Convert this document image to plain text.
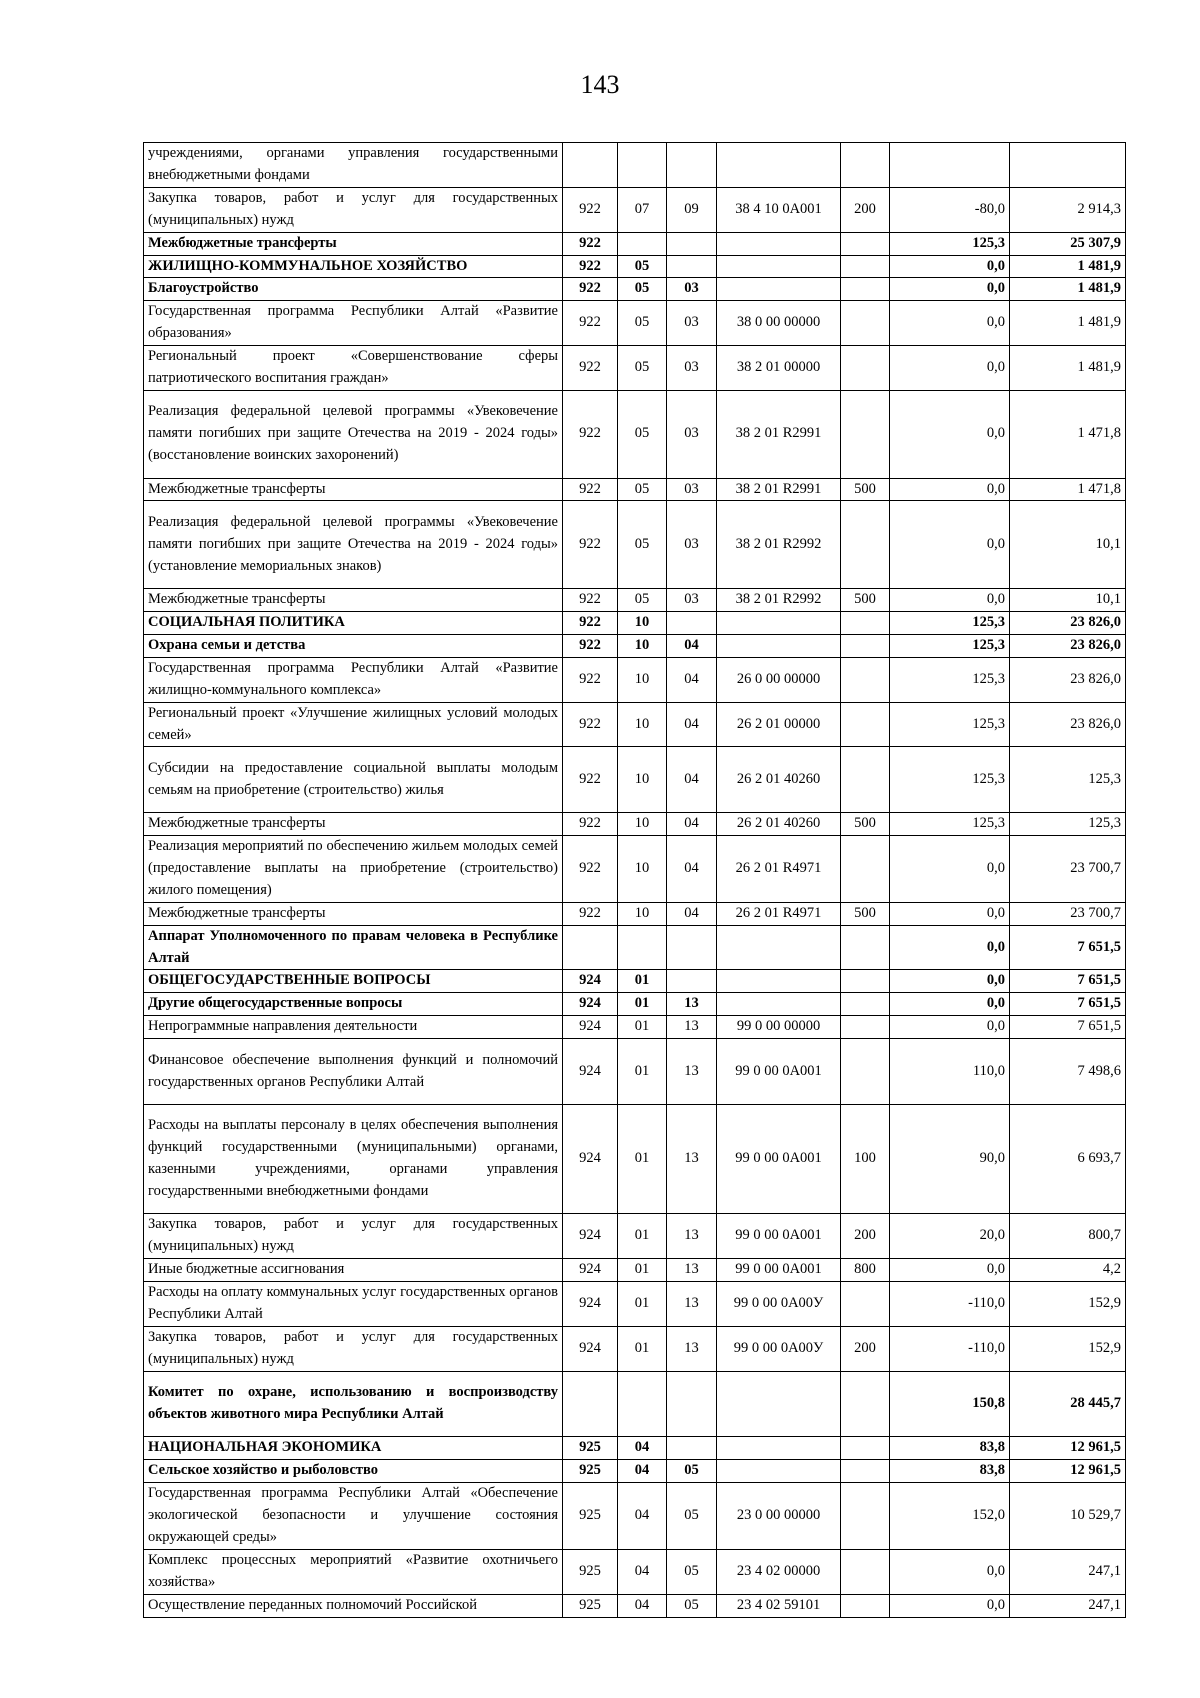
143
учреждениями, органами управления государственными внебюджетными фондами							
Закупка товаров, работ и услуг для государственных (муниципальных) нужд	922	07	09	38 4 10 0А001	200	-80,0	2 914,3
Межбюджетные трансферты	922					125,3	25 307,9
ЖИЛИЩНО-КОММУНАЛЬНОЕ ХОЗЯЙСТВО	922	05				0,0	1 481,9
Благоустройство	922	05	03			0,0	1 481,9
Государственная программа Республики Алтай «Развитие образования»	922	05	03	38 0 00 00000		0,0	1 481,9
Региональный проект «Совершенствование сферы патриотического воспитания граждан»	922	05	03	38 2 01 00000		0,0	1 481,9
Реализация федеральной целевой программы «Увековечение памяти погибших при защите Отечества на 2019 - 2024 годы» (восстановление воинских захоронений)	922	05	03	38 2 01 R2991		0,0	1 471,8
Межбюджетные трансферты	922	05	03	38 2 01 R2991	500	0,0	1 471,8
Реализация федеральной целевой программы «Увековечение памяти погибших при защите Отечества на 2019 - 2024 годы» (установление мемориальных знаков)	922	05	03	38 2 01 R2992		0,0	10,1
Межбюджетные трансферты	922	05	03	38 2 01 R2992	500	0,0	10,1
СОЦИАЛЬНАЯ ПОЛИТИКА	922	10				125,3	23 826,0
Охрана семьи и детства	922	10	04			125,3	23 826,0
Государственная программа Республики Алтай «Развитие жилищно-коммунального комплекса»	922	10	04	26 0 00 00000		125,3	23 826,0
Региональный проект «Улучшение жилищных условий молодых семей»	922	10	04	26 2 01 00000		125,3	23 826,0
Субсидии на предоставление социальной выплаты молодым семьям на приобретение (строительство) жилья	922	10	04	26 2 01 40260		125,3	125,3
Межбюджетные трансферты	922	10	04	26 2 01 40260	500	125,3	125,3
Реализация мероприятий по обеспечению жильем молодых семей (предоставление выплаты на приобретение (строительство) жилого помещения)	922	10	04	26 2 01 R4971		0,0	23 700,7
Межбюджетные трансферты	922	10	04	26 2 01 R4971	500	0,0	23 700,7
Аппарат Уполномоченного по правам человека в Республике Алтай						0,0	7 651,5
ОБЩЕГОСУДАРСТВЕННЫЕ ВОПРОСЫ	924	01				0,0	7 651,5
Другие общегосударственные вопросы	924	01	13			0,0	7 651,5
Непрограммные направления деятельности	924	01	13	99 0 00 00000		0,0	7 651,5
Финансовое обеспечение выполнения функций и полномочий государственных органов Республики Алтай	924	01	13	99 0 00 0А001		110,0	7 498,6
Расходы на выплаты персоналу в целях обеспечения выполнения функций государственными (муниципальными) органами, казенными учреждениями, органами управления государственными внебюджетными фондами	924	01	13	99 0 00 0А001	100	90,0	6 693,7
Закупка товаров, работ и услуг для государственных (муниципальных) нужд	924	01	13	99 0 00 0А001	200	20,0	800,7
Иные бюджетные ассигнования	924	01	13	99 0 00 0А001	800	0,0	4,2
Расходы на оплату коммунальных услуг государственных органов Республики Алтай	924	01	13	99 0 00 0А00У		-110,0	152,9
Закупка товаров, работ и услуг для государственных (муниципальных) нужд	924	01	13	99 0 00 0А00У	200	-110,0	152,9
Комитет по охране, использованию и воспроизводству объектов животного мира Республики Алтай						150,8	28 445,7
НАЦИОНАЛЬНАЯ ЭКОНОМИКА	925	04				83,8	12 961,5
Сельское хозяйство и рыболовство	925	04	05			83,8	12 961,5
Государственная программа Республики Алтай «Обеспечение экологической безопасности и улучшение состояния окружающей среды»	925	04	05	23 0 00 00000		152,0	10 529,7
Комплекс процессных мероприятий «Развитие охотничьего хозяйства»	925	04	05	23 4 02 00000		0,0	247,1
Осуществление переданных полномочий Российской	925	04	05	23 4 02 59101		0,0	247,1
